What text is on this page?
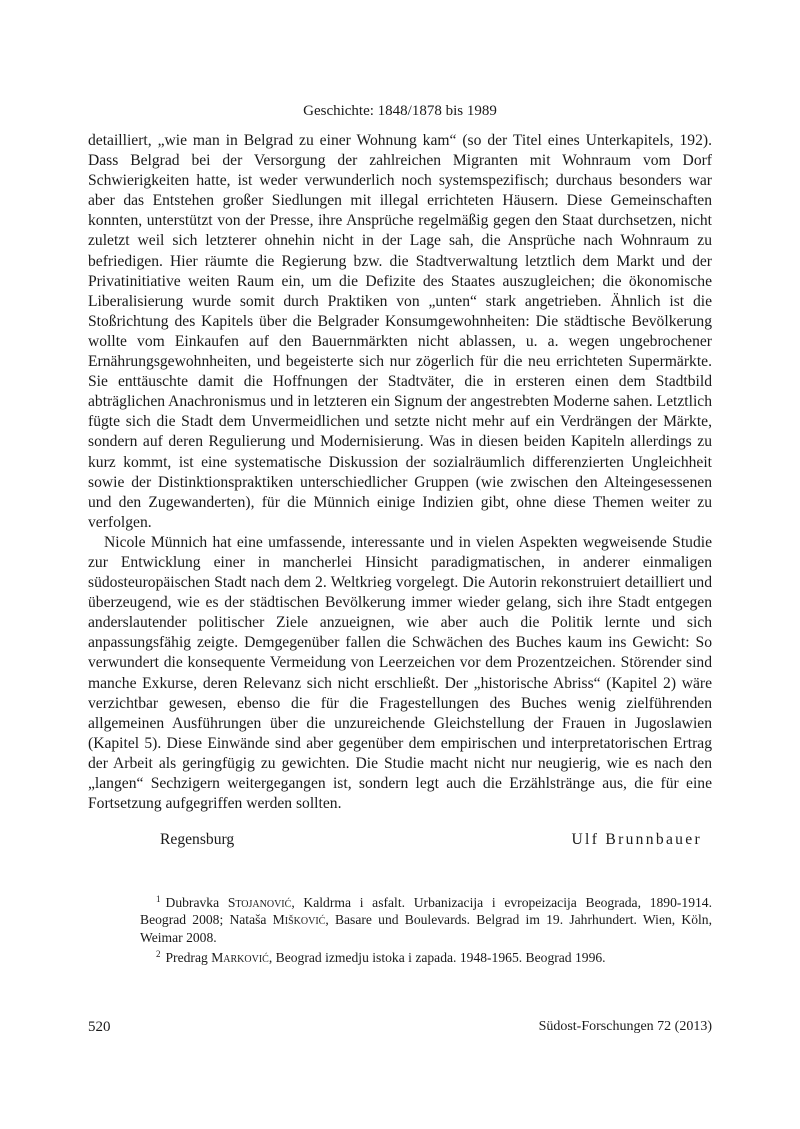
Geschichte: 1848/1878 bis 1989

detailliert, „wie man in Belgrad zu einer Wohnung kam“ (so der Titel eines Unterkapitels, 192). Dass Belgrad bei der Versorgung der zahlreichen Migranten mit Wohnraum vom Dorf Schwierigkeiten hatte, ist weder verwunderlich noch systemspezifisch; durchaus besonders war aber das Entstehen großer Siedlungen mit illegal errichteten Häusern. Diese Gemeinschaften konnten, unterstützt von der Presse, ihre Ansprüche regelmäßig gegen den Staat durchsetzen, nicht zuletzt weil sich letzterer ohnehin nicht in der Lage sah, die Ansprüche nach Wohnraum zu befriedigen. Hier räumte die Regierung bzw. die Stadtverwaltung letztlich dem Markt und der Privatinitiative weiten Raum ein, um die Defizite des Staates auszugleichen; die ökonomische Liberalisierung wurde somit durch Praktiken von „unten“ stark angetrieben. Ähnlich ist die Stoßrichtung des Kapitels über die Belgrader Konsumgewohnheiten: Die städtische Bevölkerung wollte vom Einkaufen auf den Bauernmärkten nicht ablassen, u. a. wegen ungebrochener Ernährungsgewohnheiten, und begeisterte sich nur zögerlich für die neu errichteten Supermärkte. Sie enttäuschte damit die Hoffnungen der Stadtväter, die in ersteren einen dem Stadtbild abträglichen Anachronismus und in letzteren ein Signum der angestrebten Moderne sahen. Letztlich fügte sich die Stadt dem Unvermeidlichen und setzte nicht mehr auf ein Verdrängen der Märkte, sondern auf deren Regulierung und Modernisierung. Was in diesen beiden Kapiteln allerdings zu kurz kommt, ist eine systematische Diskussion der sozialräumlich differenzierten Ungleichheit sowie der Distinktionspraktiken unterschiedlicher Gruppen (wie zwischen den Alteingesessenen und den Zugewanderten), für die Münnich einige Indizien gibt, ohne diese Themen weiter zu verfolgen.

Nicole Münnich hat eine umfassende, interessante und in vielen Aspekten wegweisende Studie zur Entwicklung einer in mancherlei Hinsicht paradigmatischen, in anderer einmaligen südosteuropäischen Stadt nach dem 2. Weltkrieg vorgelegt. Die Autorin rekonstruiert detailliert und überzeugend, wie es der städtischen Bevölkerung immer wieder gelang, sich ihre Stadt entgegen anderslautender politischer Ziele anzueignen, wie aber auch die Politik lernte und sich anpassungsfähig zeigte. Demgegenüber fallen die Schwächen des Buches kaum ins Gewicht: So verwundert die konsequente Vermeidung von Leerzeichen vor dem Prozentzeichen. Störender sind manche Exkurse, deren Relevanz sich nicht erschließt. Der „historische Abriss“ (Kapitel 2) wäre verzichtbar gewesen, ebenso die für die Fragestellungen des Buches wenig zielführenden allgemeinen Ausführungen über die unzureichende Gleichstellung der Frauen in Jugoslawien (Kapitel 5). Diese Einwände sind aber gegenüber dem empirischen und interpretatorischen Ertrag der Arbeit als geringfügig zu gewichten. Die Studie macht nicht nur neugierig, wie es nach den „langen“ Sechzigern weitergegangen ist, sondern legt auch die Erzählstränge aus, die für eine Fortsetzung aufgegriffen werden sollten.

Regensburg	Ulf Brunnbauer

$^1$ Dubravka Stojanović, Kaldrma i asfalt. Urbanizacija i evropeizacija Beograda, 1890-1914. Beograd 2008; Nataša Mišković, Basare und Boulevards. Belgrad im 19. Jahrhundert. Wien, Köln, Weimar 2008.

$^2$ Predrag Marković, Beograd izmedju istoka i zapada. 1948-1965. Beograd 1996.

520	Südost-Forschungen 72 (2013)
